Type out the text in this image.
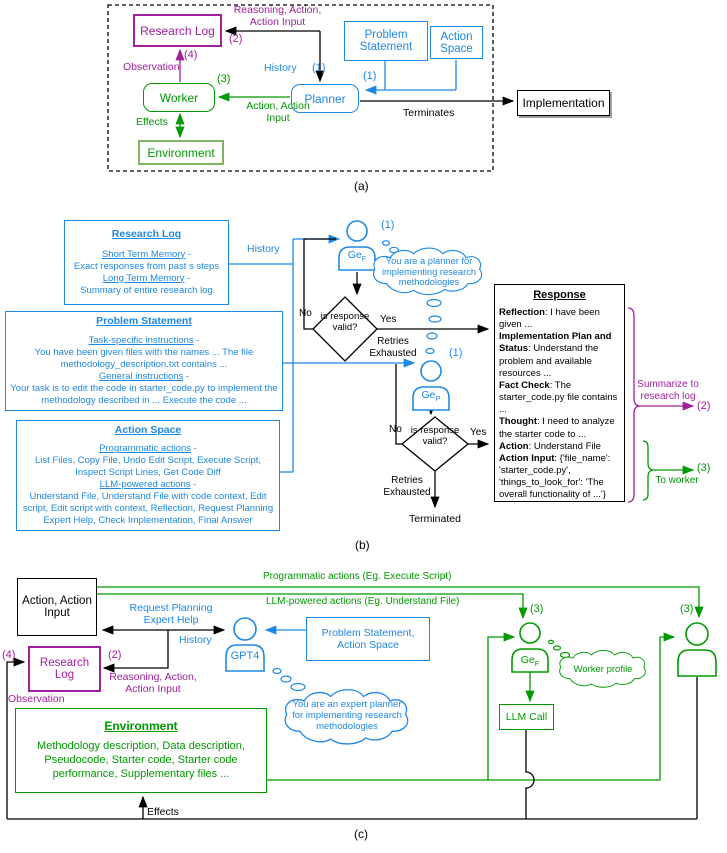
Research Log	Problem Statement
Action Space
Planner
Worker
Environment
Implementation
Reasoning, Action, Action Input
(2)
History (1)
(1)
(4)
Observation
(3)
Action, Action Input
Effects
Terminates
(a)
Research Log
Short Term Memory -
Exact responses from past s steps
Long Term Memory -
Summary of entire research log
Problem Statement
Task-specific instructions -
You have been given files with the names ... The file methodology_description.txt contains ...
General instructions -
Your task is to edit the code in starter_code.py to implement the methodology described in ... Execute the code ...
Action Space
Programmatic actions -
List Files, Copy File, Undo Edit Script, Execute Script, Inspect Script Lines, Get Code Diff
LLM-powered actions -
Understand File, Understand File with code context, Edit script, Edit script with context, Reflection, Request Planning Expert Help, Check Implementation, Final Answer
Response
Reflection: I have been given ...
Implementation Plan and Status: Understand the problem and available resources ...
Fact Check: The starter_code.py file contains ...
Thought: I need to analyze the starter code to ...
Action: Understand File
Action Input: {'file_name': 'starter_code.py', 'things_to_look_for': 'The overall functionality of ...'}
History
(1)
(1)
$Ge_F$
$Ge_P$
You are a planner for implementing research methodologies
is response valid?
is response valid?
No
Yes
No	Yes
Retries Exhausted
Retries Exhausted
Terminated
Summarize to research log
(2)
To worker
(3)
(b)
Action, Action Input
Research Log
Problem Statement, Action Space
Environment
Methodology description, Data description, Pseudocode, Starter code, Starter code performance, Supplementary files ...
LLM Call
Programmatic actions (Eg. Execute Script)
LLM-powered actions (Eg. Understand File)
Request Planning Expert Help
History
GPT4
(4)	(2)
Reasoning, Action, Action Input
Observation	You are an expert planner for implementing research methodologies
(3)	(3)
$Ge_F$
Worker profile
Effects
(c)
